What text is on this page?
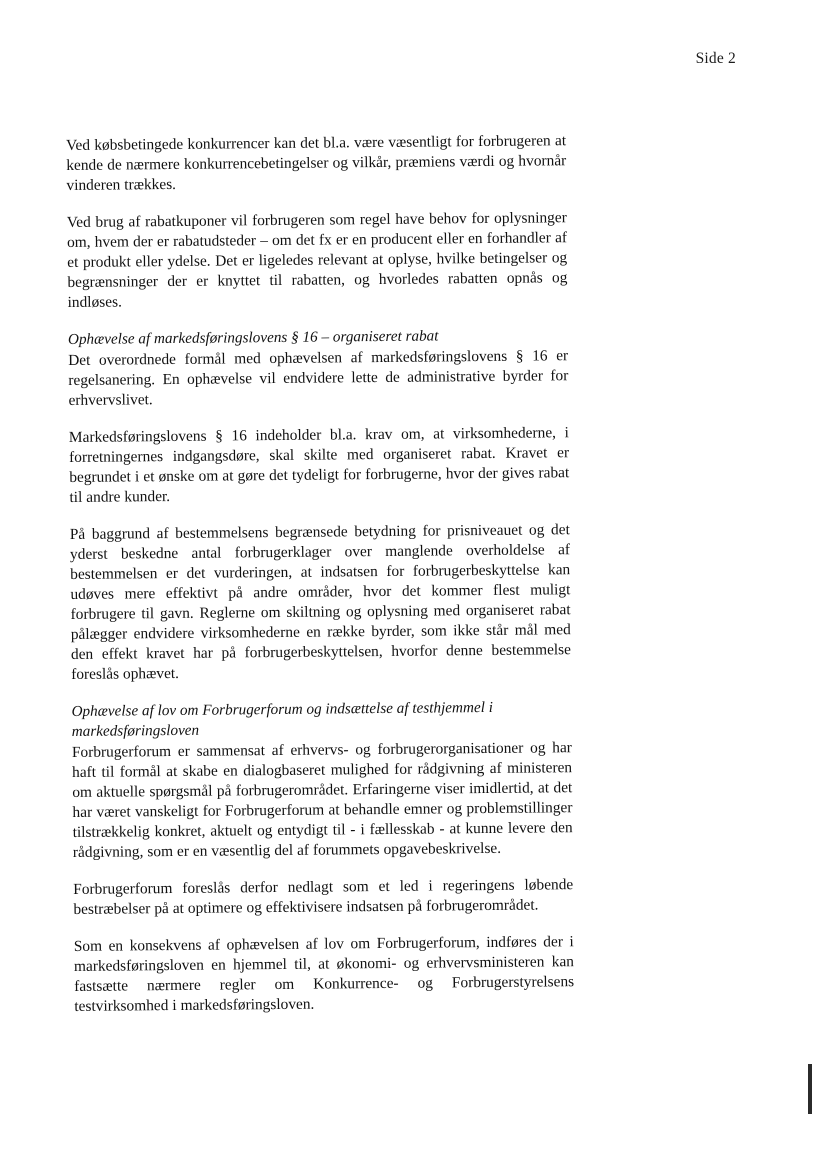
Side 2

Ved købsbetingede konkurrencer kan det bl.a. være væsentligt for forbrugeren at kende de nærmere konkurrencebetingelser og vilkår, præmiens værdi og hvornår vinderen trækkes.

Ved brug af rabatkuponer vil forbrugeren som regel have behov for oplysninger om, hvem der er rabatudsteder – om det fx er en producent eller en forhandler af et produkt eller ydelse. Det er ligeledes relevant at oplyse, hvilke betingelser og begrænsninger der er knyttet til rabatten, og hvorledes rabatten opnås og indløses.

Ophævelse af markedsføringslovens § 16 – organiseret rabat

Det overordnede formål med ophævelsen af markedsføringslovens § 16 er regelsanering. En ophævelse vil endvidere lette de administrative byrder for erhvervslivet.

Markedsføringslovens § 16 indeholder bl.a. krav om, at virksomhederne, i forretningernes indgangsdøre, skal skilte med organiseret rabat. Kravet er begrundet i et ønske om at gøre det tydeligt for forbrugerne, hvor der gives rabat til andre kunder.

På baggrund af bestemmelsens begrænsede betydning for prisniveauet og det yderst beskedne antal forbrugerklager over manglende overholdelse af bestemmelsen er det vurderingen, at indsatsen for forbrugerbeskyttelse kan udøves mere effektivt på andre områder, hvor det kommer flest muligt forbrugere til gavn. Reglerne om skiltning og oplysning med organiseret rabat pålægger endvidere virksomhederne en række byrder, som ikke står mål med den effekt kravet har på forbrugerbeskyttelsen, hvorfor denne bestemmelse foreslås ophævet.

Ophævelse af lov om Forbrugerforum og indsættelse af testhjemmel i markedsføringsloven

Forbrugerforum er sammensat af erhvervs- og forbrugerorganisationer og har haft til formål at skabe en dialogbaseret mulighed for rådgivning af ministeren om aktuelle spørgsmål på forbrugerområdet. Erfaringerne viser imidlertid, at det har været vanskeligt for Forbrugerforum at behandle emner og problemstillinger tilstrækkelig konkret, aktuelt og entydigt til - i fællesskab - at kunne levere den rådgivning, som er en væsentlig del af forummets opgavebeskrivelse.

Forbrugerforum foreslås derfor nedlagt som et led i regeringens løbende bestræbelser på at optimere og effektivisere indsatsen på forbrugerområdet.

Som en konsekvens af ophævelsen af lov om Forbrugerforum, indføres der i markedsføringsloven en hjemmel til, at økonomi- og erhvervsministeren kan fastsætte nærmere regler om Konkurrence- og Forbrugerstyrelsens testvirksomhed i markedsføringsloven.
